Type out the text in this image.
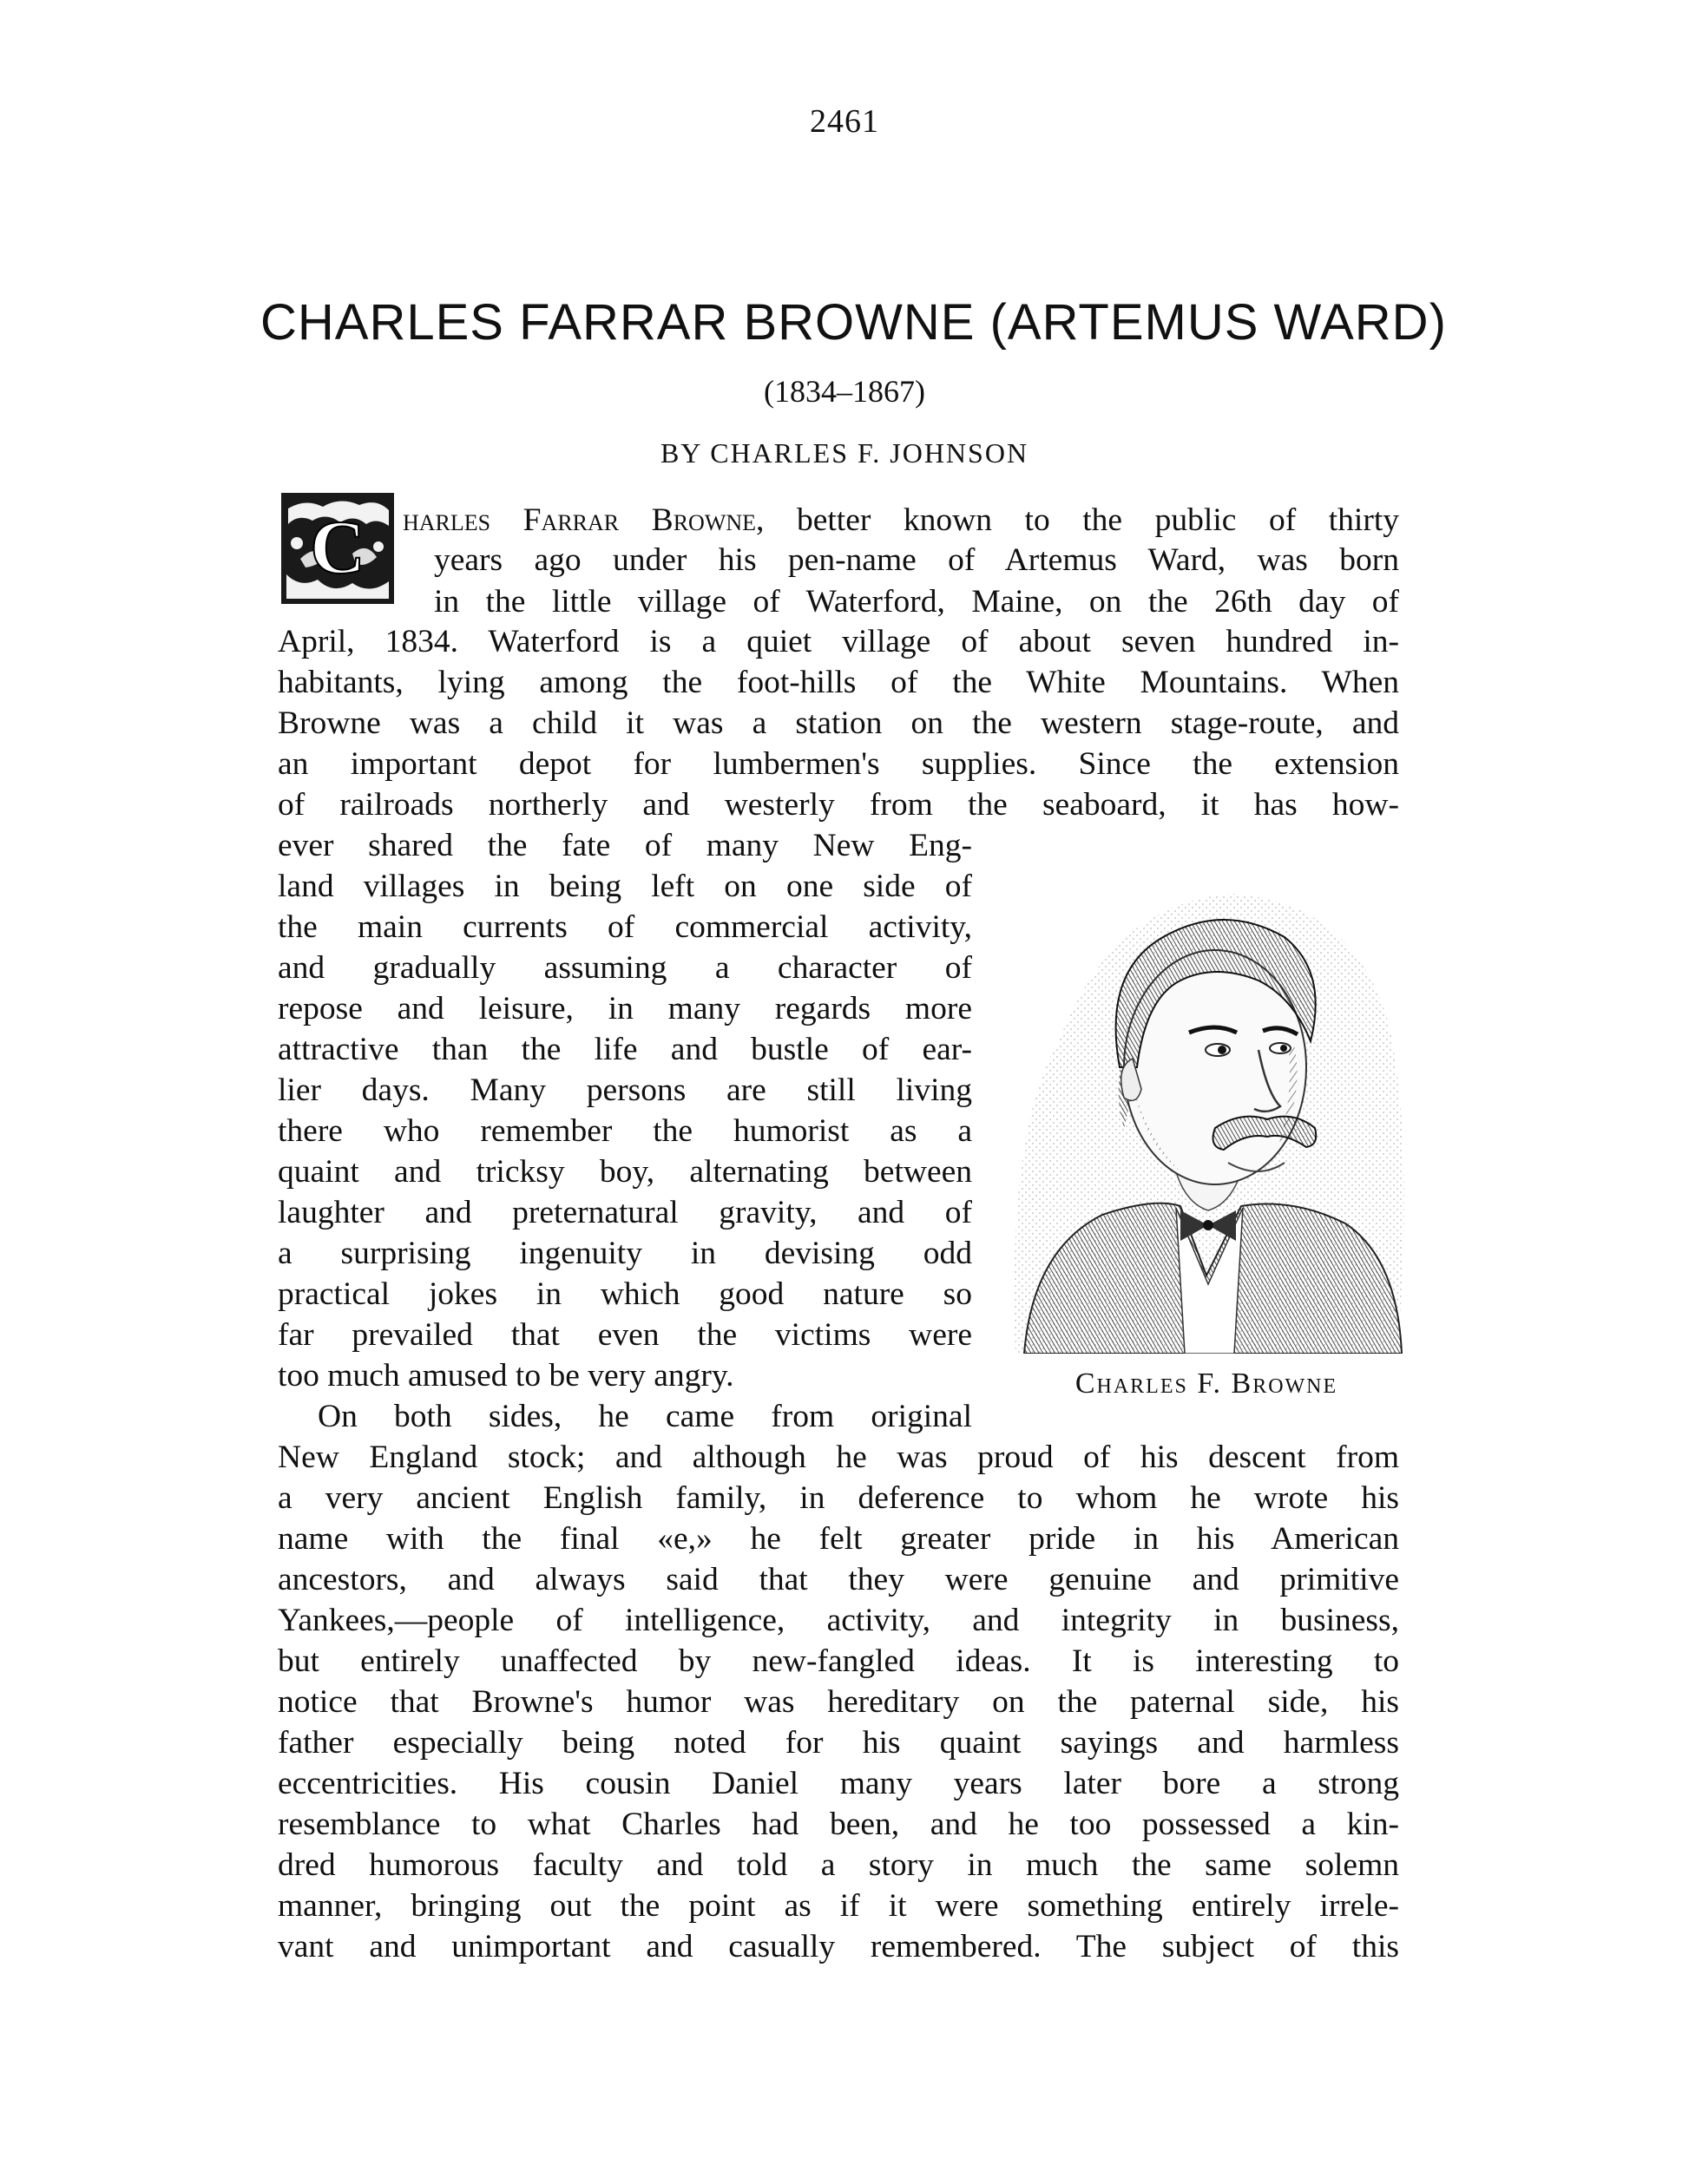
2461
CHARLES FARRAR BROWNE (ARTEMUS WARD)
(1834–1867)
BY CHARLES F. JOHNSON
C harles Farrar Browne, better known to the public of thirty
years ago under his pen-name of Artemus Ward, was born
in the little village of Waterford, Maine, on the 26th day of
April, 1834. Waterford is a quiet village of about seven hundred in-
habitants, lying among the foot-hills of the White Mountains. When
Browne was a child it was a station on the western stage-route, and
an important depot for lumbermen's supplies. Since the extension
of railroads northerly and westerly from the seaboard, it has how-
ever shared the fate of many New Eng-
land villages in being left on one side of
the main currents of commercial activity,
and gradually assuming a character of
repose and leisure, in many regards more
attractive than the life and bustle of ear-
lier days. Many persons are still living
there who remember the humorist as a
quaint and tricksy boy, alternating between
laughter and preternatural gravity, and of
a surprising ingenuity in devising odd
practical jokes in which good nature so
far prevailed that even the victims were
too much amused to be very angry.
On both sides, he came from original
New England stock; and although he was proud of his descent from
a very ancient English family, in deference to whom he wrote his
name with the final «e,» he felt greater pride in his American
ancestors, and always said that they were genuine and primitive
Yankees,—people of intelligence, activity, and integrity in business,
but entirely unaffected by new-fangled ideas. It is interesting to
notice that Browne's humor was hereditary on the paternal side, his
father especially being noted for his quaint sayings and harmless
eccentricities. His cousin Daniel many years later bore a strong
resemblance to what Charles had been, and he too possessed a kin-
dred humorous faculty and told a story in much the same solemn
manner, bringing out the point as if it were something entirely irrele-
vant and unimportant and casually remembered. The subject of this
Charles F. Browne
